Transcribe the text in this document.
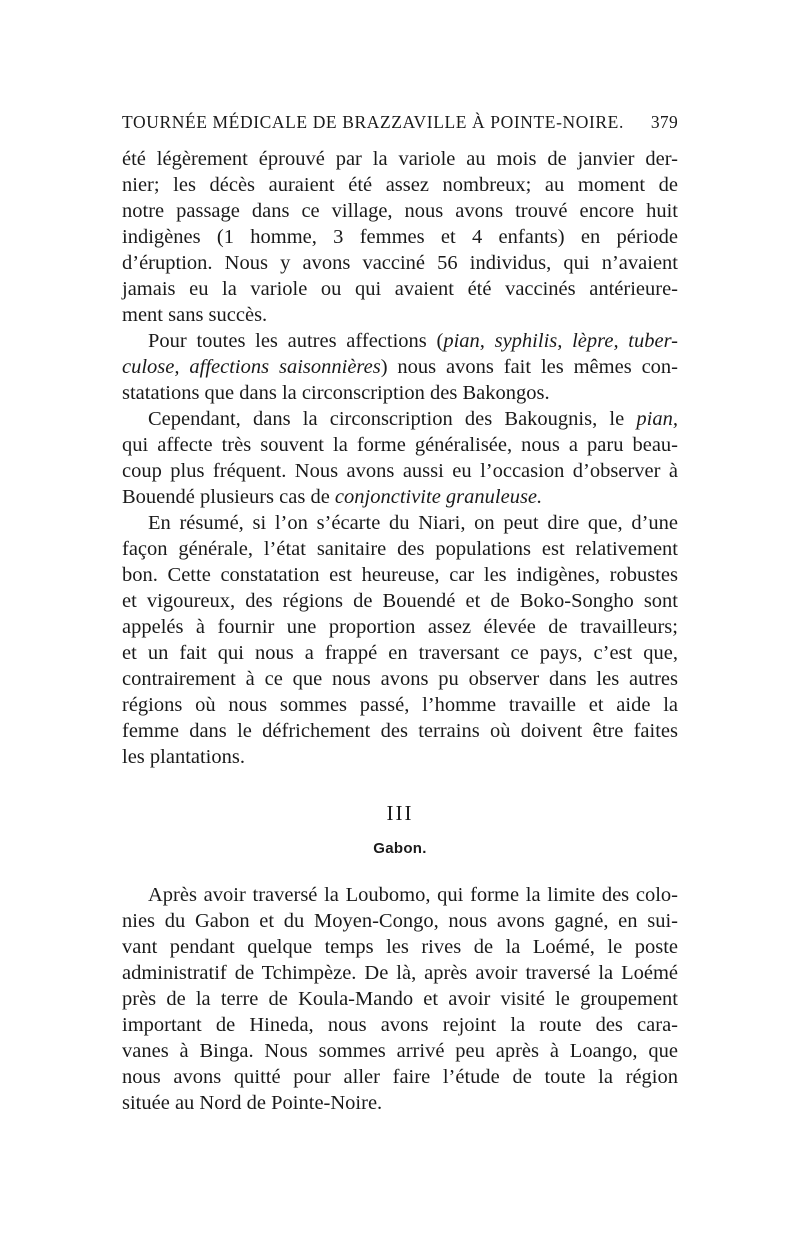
TOURNÉE MÉDICALE DE BRAZZAVILLE À POINTE-NOIRE. 379

été légèrement éprouvé par la variole au mois de janvier der-
nier; les décès auraient été assez nombreux; au moment de
notre passage dans ce village, nous avons trouvé encore huit
indigènes (1 homme, 3 femmes et 4 enfants) en période
d’éruption. Nous y avons vacciné 56 individus, qui n’avaient
jamais eu la variole ou qui avaient été vaccinés antérieure-
ment sans succès.

Pour toutes les autres affections (pian, syphilis, lèpre, tuber-
culose, affections saisonnières) nous avons fait les mêmes con-
statations que dans la circonscription des Bakongos.

Cependant, dans la circonscription des Bakougnis, le pian,
qui affecte très souvent la forme généralisée, nous a paru beau-
coup plus fréquent. Nous avons aussi eu l’occasion d’observer à
Bouendé plusieurs cas de conjonctivite granuleuse.

En résumé, si l’on s’écarte du Niari, on peut dire que, d’une
façon générale, l’état sanitaire des populations est relativement
bon. Cette constatation est heureuse, car les indigènes, robustes
et vigoureux, des régions de Bouendé et de Boko-Songho sont
appelés à fournir une proportion assez élevée de travailleurs;
et un fait qui nous a frappé en traversant ce pays, c’est que,
contrairement à ce que nous avons pu observer dans les autres
régions où nous sommes passé, l’homme travaille et aide la
femme dans le défrichement des terrains où doivent être faites
les plantations.

III
Gabon.

Après avoir traversé la Loubomo, qui forme la limite des colo-
nies du Gabon et du Moyen-Congo, nous avons gagné, en sui-
vant pendant quelque temps les rives de la Loémé, le poste
administratif de Tchimpèze. De là, après avoir traversé la Loémé
près de la terre de Koula-Mando et avoir visité le groupement
important de Hineda, nous avons rejoint la route des cara-
vanes à Binga. Nous sommes arrivé peu après à Loango, que
nous avons quitté pour aller faire l’étude de toute la région
située au Nord de Pointe-Noire.
